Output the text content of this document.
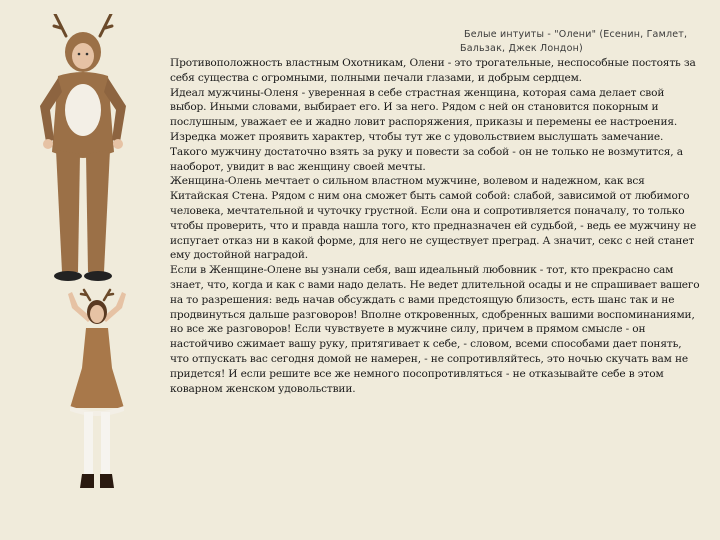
Белые интуиты - "Олени" (Есенин, Гамлет,
Бальзак, Джек Лондон)

Противоположность властным Охотникам, Олени - это трогательные, неспособные постоять за себя существа с огромными, полными печали глазами, и добрым сердцем.

Идеал мужчины-Оленя - уверенная в себе страстная женщина, которая сама делает свой выбор. Иными словами, выбирает его. И за него. Рядом с ней он становится покорным и послушным, уважает ее и жадно ловит распоряжения, приказы и перемены ее настроения. Изредка может проявить характер, чтобы тут же с удовольствием выслушать замечание. Такого мужчину достаточно взять за руку и повести за собой - он не только не возмутится, а наоборот, увидит в вас женщину своей мечты.

Женщина-Олень мечтает о сильном властном мужчине, волевом и надежном, как вся Китайская Стена. Рядом с ним она сможет быть самой собой: слабой, зависимой от любимого человека, мечтательной и чуточку грустной. Если она и сопротивляется поначалу, то только чтобы проверить, что и правда нашла того, кто предназначен ей судьбой, - ведь ее мужчину не испугает отказ ни в какой форме, для него не существует преград. А значит, секс с ней станет ему достойной наградой.

Если в Женщине-Олене вы узнали себя, ваш идеальный любовник - тот, кто прекрасно сам знает, что, когда и как с вами надо делать. Не ведет длительной осады и не спрашивает вашего на то разрешения: ведь начав обсуждать с вами предстоящую близость, есть шанс так и не продвинуться дальше разговоров! Вполне откровенных, сдобренных вашими воспоминаниями, но все же разговоров! Если чувствуете в мужчине силу, причем в прямом смысле - он настойчиво сжимает вашу руку, притягивает к себе, - словом, всеми способами дает понять, что отпускать вас сегодня домой не намерен, - не сопротивляйтесь, это ночью скучать вам не придется! И если решите все же немного посопротивляться - не отказывайте себе в этом коварном женском удовольствии.
